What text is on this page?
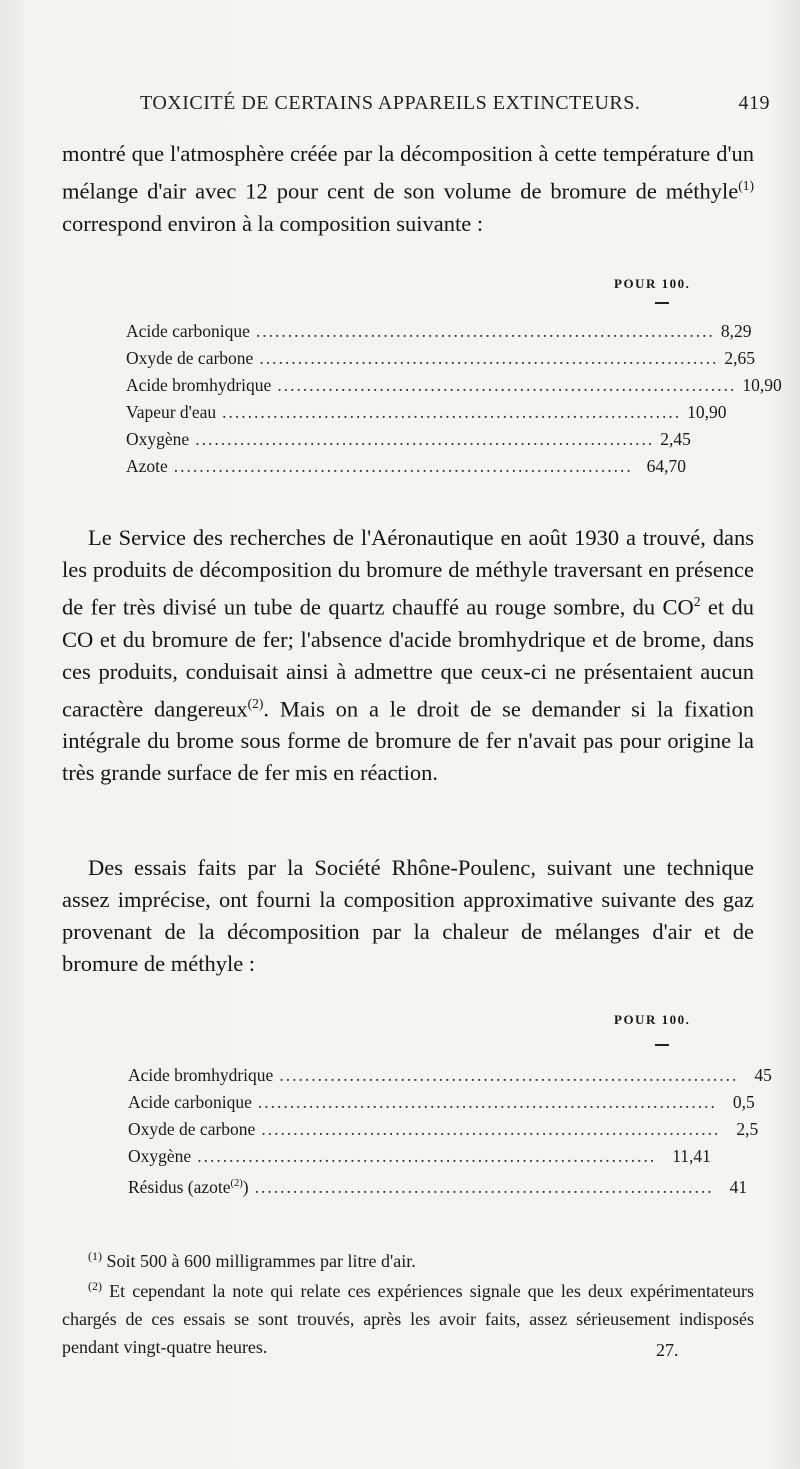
TOXICITÉ DE CERTAINS APPAREILS EXTINCTEURS.	419
montré que l'atmosphère créée par la décomposition à cette température d'un mélange d'air avec 12 pour cent de son volume de bromure de méthyle$^{(1)}$ correspond environ à la composition suivante :
POUR 100.
Acide carbonique ........................................................................ 8,29
Oxyde de carbone ........................................................................ 2,65
Acide bromhydrique ........................................................................ 10,90
Vapeur d'eau ........................................................................ 10,90
Oxygène ........................................................................ 2,45
Azote ........................................................................ 64,70
Le Service des recherches de l'Aéronautique en août 1930 a trouvé, dans les produits de décomposition du bromure de méthyle traversant en présence de fer très divisé un tube de quartz chauffé au rouge sombre, du $CO^2$ et du CO et du bromure de fer; l'absence d'acide bromhydrique et de brome, dans ces produits, conduisait ainsi à admettre que ceux-ci ne présentaient aucun caractère dangereux$^{(2)}$. Mais on a le droit de se demander si la fixation intégrale du brome sous forme de bromure de fer n'avait pas pour origine la très grande surface de fer mis en réaction.
Des essais faits par la Société Rhône-Poulenc, suivant une technique assez imprécise, ont fourni la composition approximative suivante des gaz provenant de la décomposition par la chaleur de mélanges d'air et de bromure de méthyle :
POUR 100.
Acide bromhydrique ........................................................................ 45
Acide carbonique ........................................................................ 0,5
Oxyde de carbone ........................................................................ 2,5
Oxygène ........................................................................ 11,41
Résidus (azote$^{(2)}$) ........................................................................ 41
$^{(1)}$ Soit 500 à 600 milligrammes par litre d'air.
$^{(2)}$ Et cependant la note qui relate ces expériences signale que les deux expérimentateurs chargés de ces essais se sont trouvés, après les avoir faits, assez sérieusement indisposés pendant vingt-quatre heures.	27.
